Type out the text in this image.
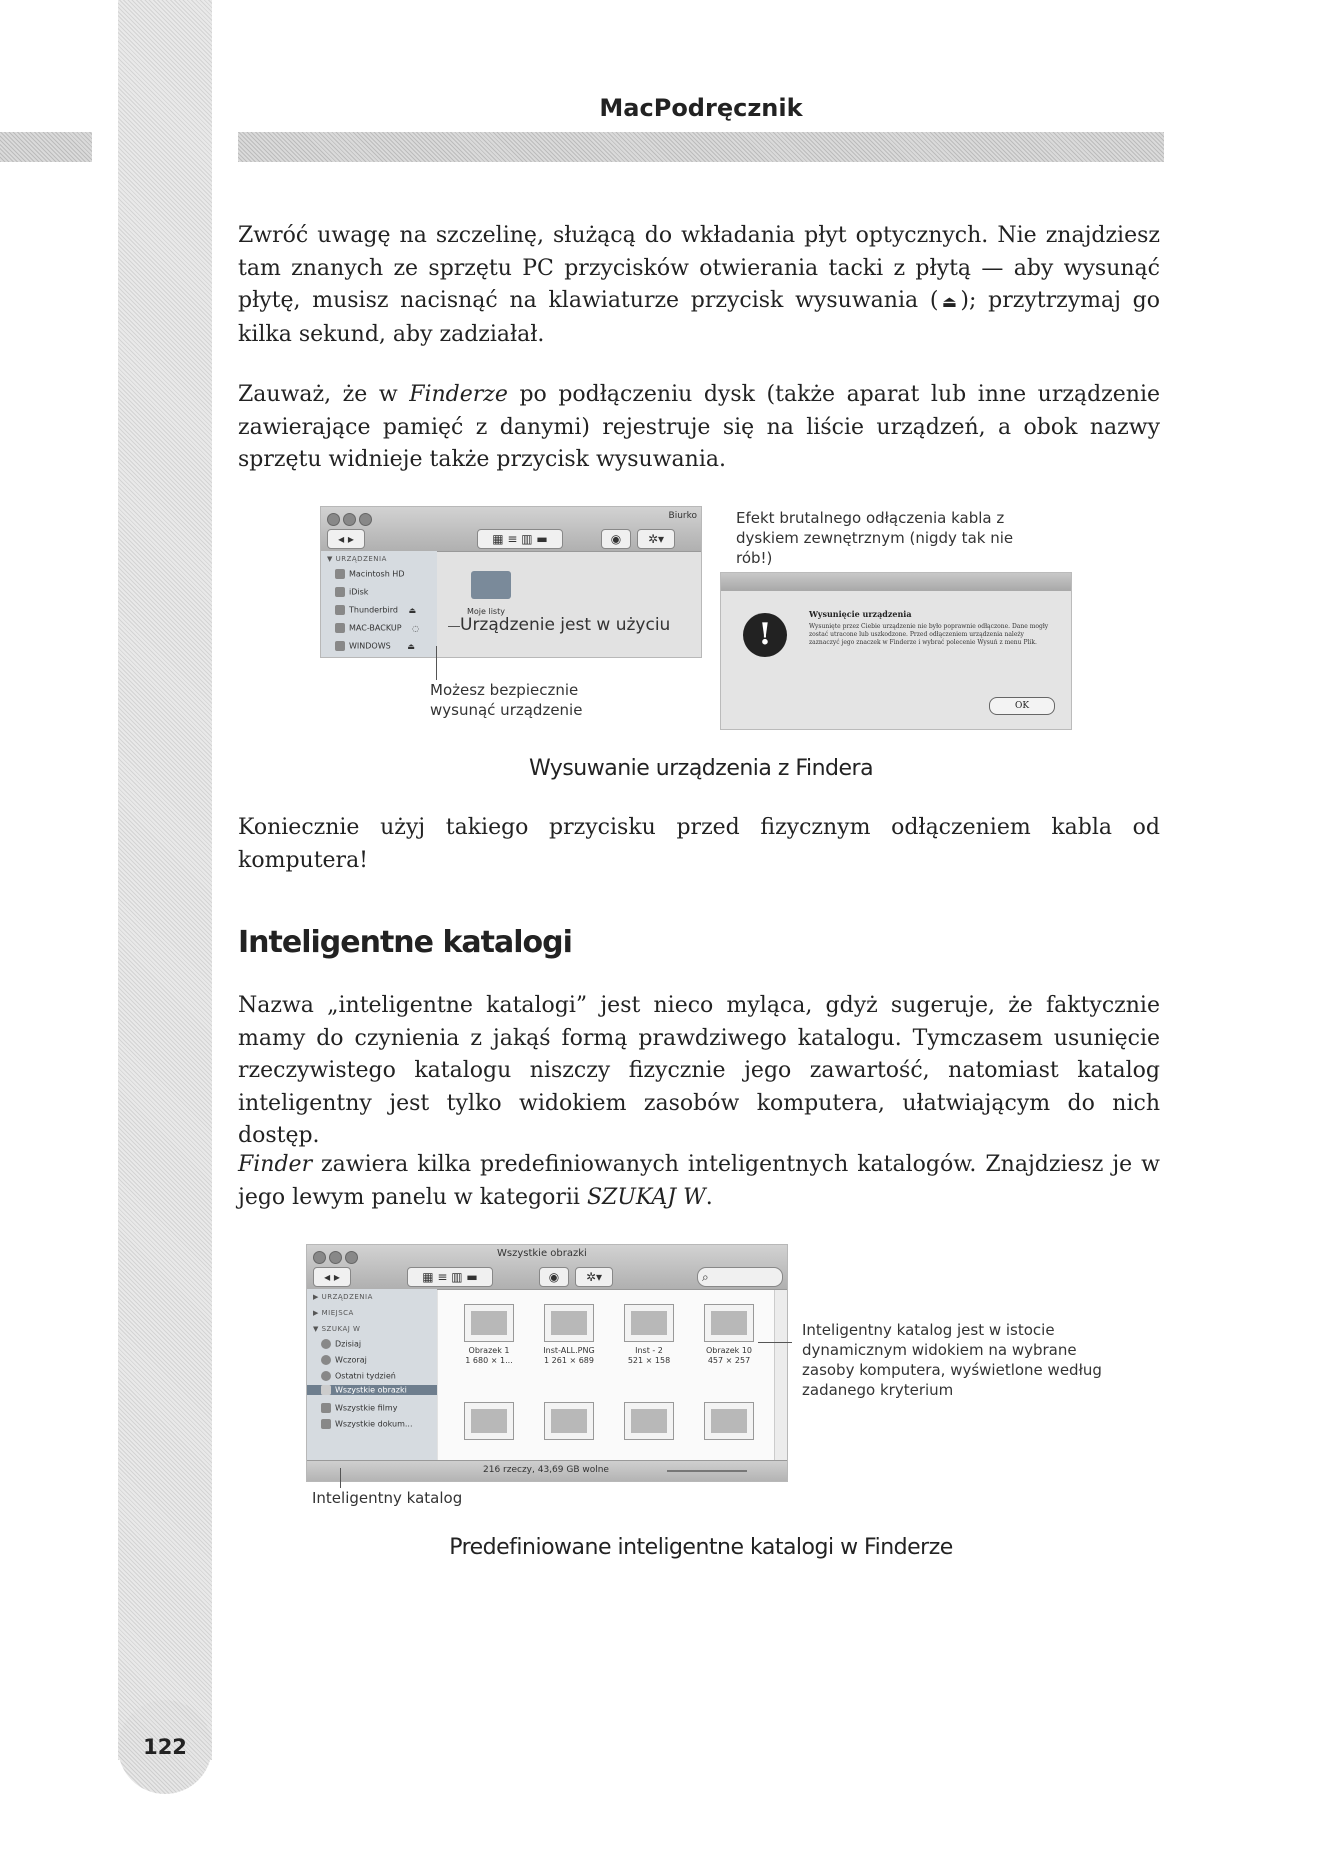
122
MacPodręcznik
Zwróć uwagę na szczelinę, służącą do wkładania płyt optycznych. Nie znajdziesz tam znanych ze sprzętu PC przycisków otwierania tacki z płytą — aby wysunąć płytę, musisz nacisnąć na klawiaturze przycisk wysuwania ( ⏏ ); przytrzymaj go kilka sekund, aby zadziałał.
Zauważ, że w Finderze po podłączeniu dysk (także aparat lub inne urządzenie zawierające pamięć z danymi) rejestruje się na liście urządzeń, a obok nazwy sprzętu widnieje także przycisk wysuwania.
◂ ▸	▦ ≡ ▥ ▬	◉	✲▾
Biurko
▼ URZĄDZENIA
Macintosh HD
iDisk
Thunderbird ⏏
MAC-BACKUP ◌
WINDOWS ⏏
Moje listy
Urządzenie jest w użyciu
Możesz bezpiecznie wysunąć urządzenie
Efekt brutalnego odłączenia kabla z dyskiem zewnętrznym (nigdy tak nie rób!)
!
Wysunięcie urządzenia
Wysunięte przez Ciebie urządzenie nie było poprawnie odłączone. Dane mogły zostać utracone lub uszkodzone. Przed odłączeniem urządzenia należy zaznaczyć jego znaczek w Finderze i wybrać polecenie Wysuń z menu Plik.
OK
Wysuwanie urządzenia z Findera
Koniecznie użyj takiego przycisku przed fizycznym odłączeniem kabla od komputera!
Inteligentne katalogi
Nazwa „inteligentne katalogi” jest nieco myląca, gdyż sugeruje, że faktycznie mamy do czynienia z jakąś formą prawdziwego katalogu. Tymczasem usunięcie rzeczywistego katalogu niszczy fizycznie jego zawartość, natomiast katalog inteligentny jest tylko widokiem zasobów komputera, ułatwiającym do nich dostęp.
Finder zawiera kilka predefiniowanych inteligentnych katalogów. Znajdziesz je w jego lewym panelu w kategorii SZUKAJ W.
Wszystkie obrazki
◂ ▸	▦ ≡ ▥ ▬	◉	✲▾	⌕
▶ URZĄDZENIA
▶ MIEJSCA
▼ SZUKAJ W
Dzisiaj
Wczoraj
Ostatni tydzień
Wszystkie obrazki
Wszystkie filmy
Wszystkie dokum...
Obrazek 1
1 680 × 1...
Inst-ALL.PNG
1 261 × 689
Inst - 2
521 × 158
Obrazek 10
457 × 257
216 rzeczy, 43,69 GB wolne
Inteligentny katalog jest w istocie dynamicznym widokiem na wybrane zasoby komputera, wyświetlone według zadanego kryterium
Inteligentny katalog
Predefiniowane inteligentne katalogi w Finderze
